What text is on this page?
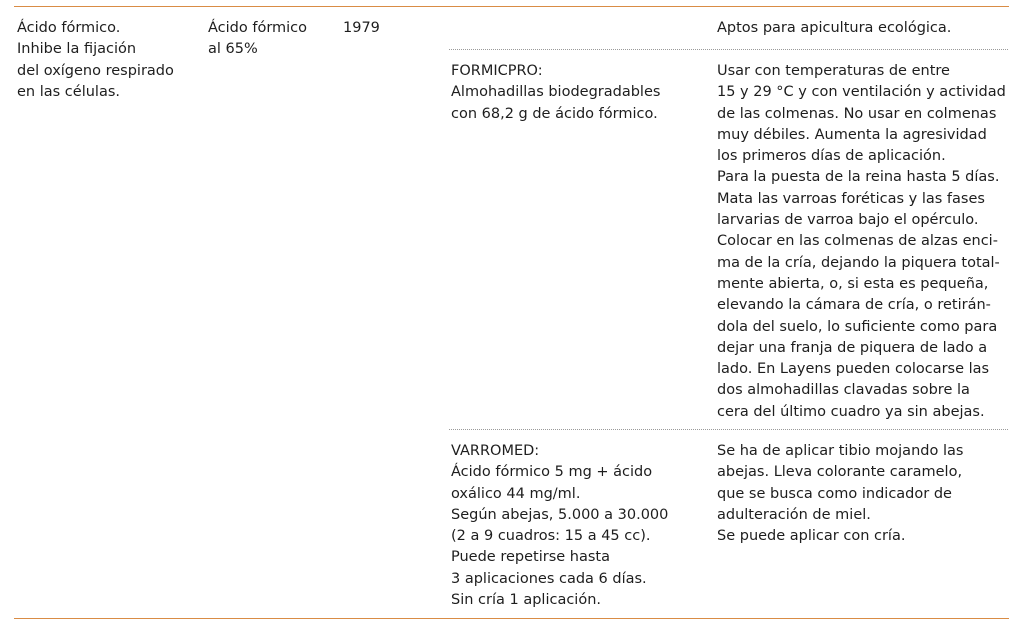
Ácido fórmico.
Inhibe la fijación
del oxígeno respirado
en las células.

Ácido fórmico
al 65%

1979	Aptos para apicultura ecológica.

FORMICPRO:
Almohadillas biodegradables
con 68,2 g de ácido fórmico.

Usar con temperaturas de entre
15 y 29 °C y con ventilación y actividad
de las colmenas. No usar en colmenas
muy débiles. Aumenta la agresividad
los primeros días de aplicación.
Para la puesta de la reina hasta 5 días.
Mata las varroas foréticas y las fases
larvarias de varroa bajo el opérculo.
Colocar en las colmenas de alzas enci-
ma de la cría, dejando la piquera total-
mente abierta, o, si esta es pequeña,
elevando la cámara de cría, o retirán-
dola del suelo, lo suficiente como para
dejar una franja de piquera de lado a
lado. En Layens pueden colocarse las
dos almohadillas clavadas sobre la
cera del último cuadro ya sin abejas.

VARROMED:
Ácido fórmico 5 mg + ácido
oxálico 44 mg/ml.
Según abejas, 5.000 a 30.000
(2 a 9 cuadros: 15 a 45 cc).
Puede repetirse hasta
3 aplicaciones cada 6 días.
Sin cría 1 aplicación.

Se ha de aplicar tibio mojando las
abejas. Lleva colorante caramelo,
que se busca como indicador de
adulteración de miel.
Se puede aplicar con cría.
